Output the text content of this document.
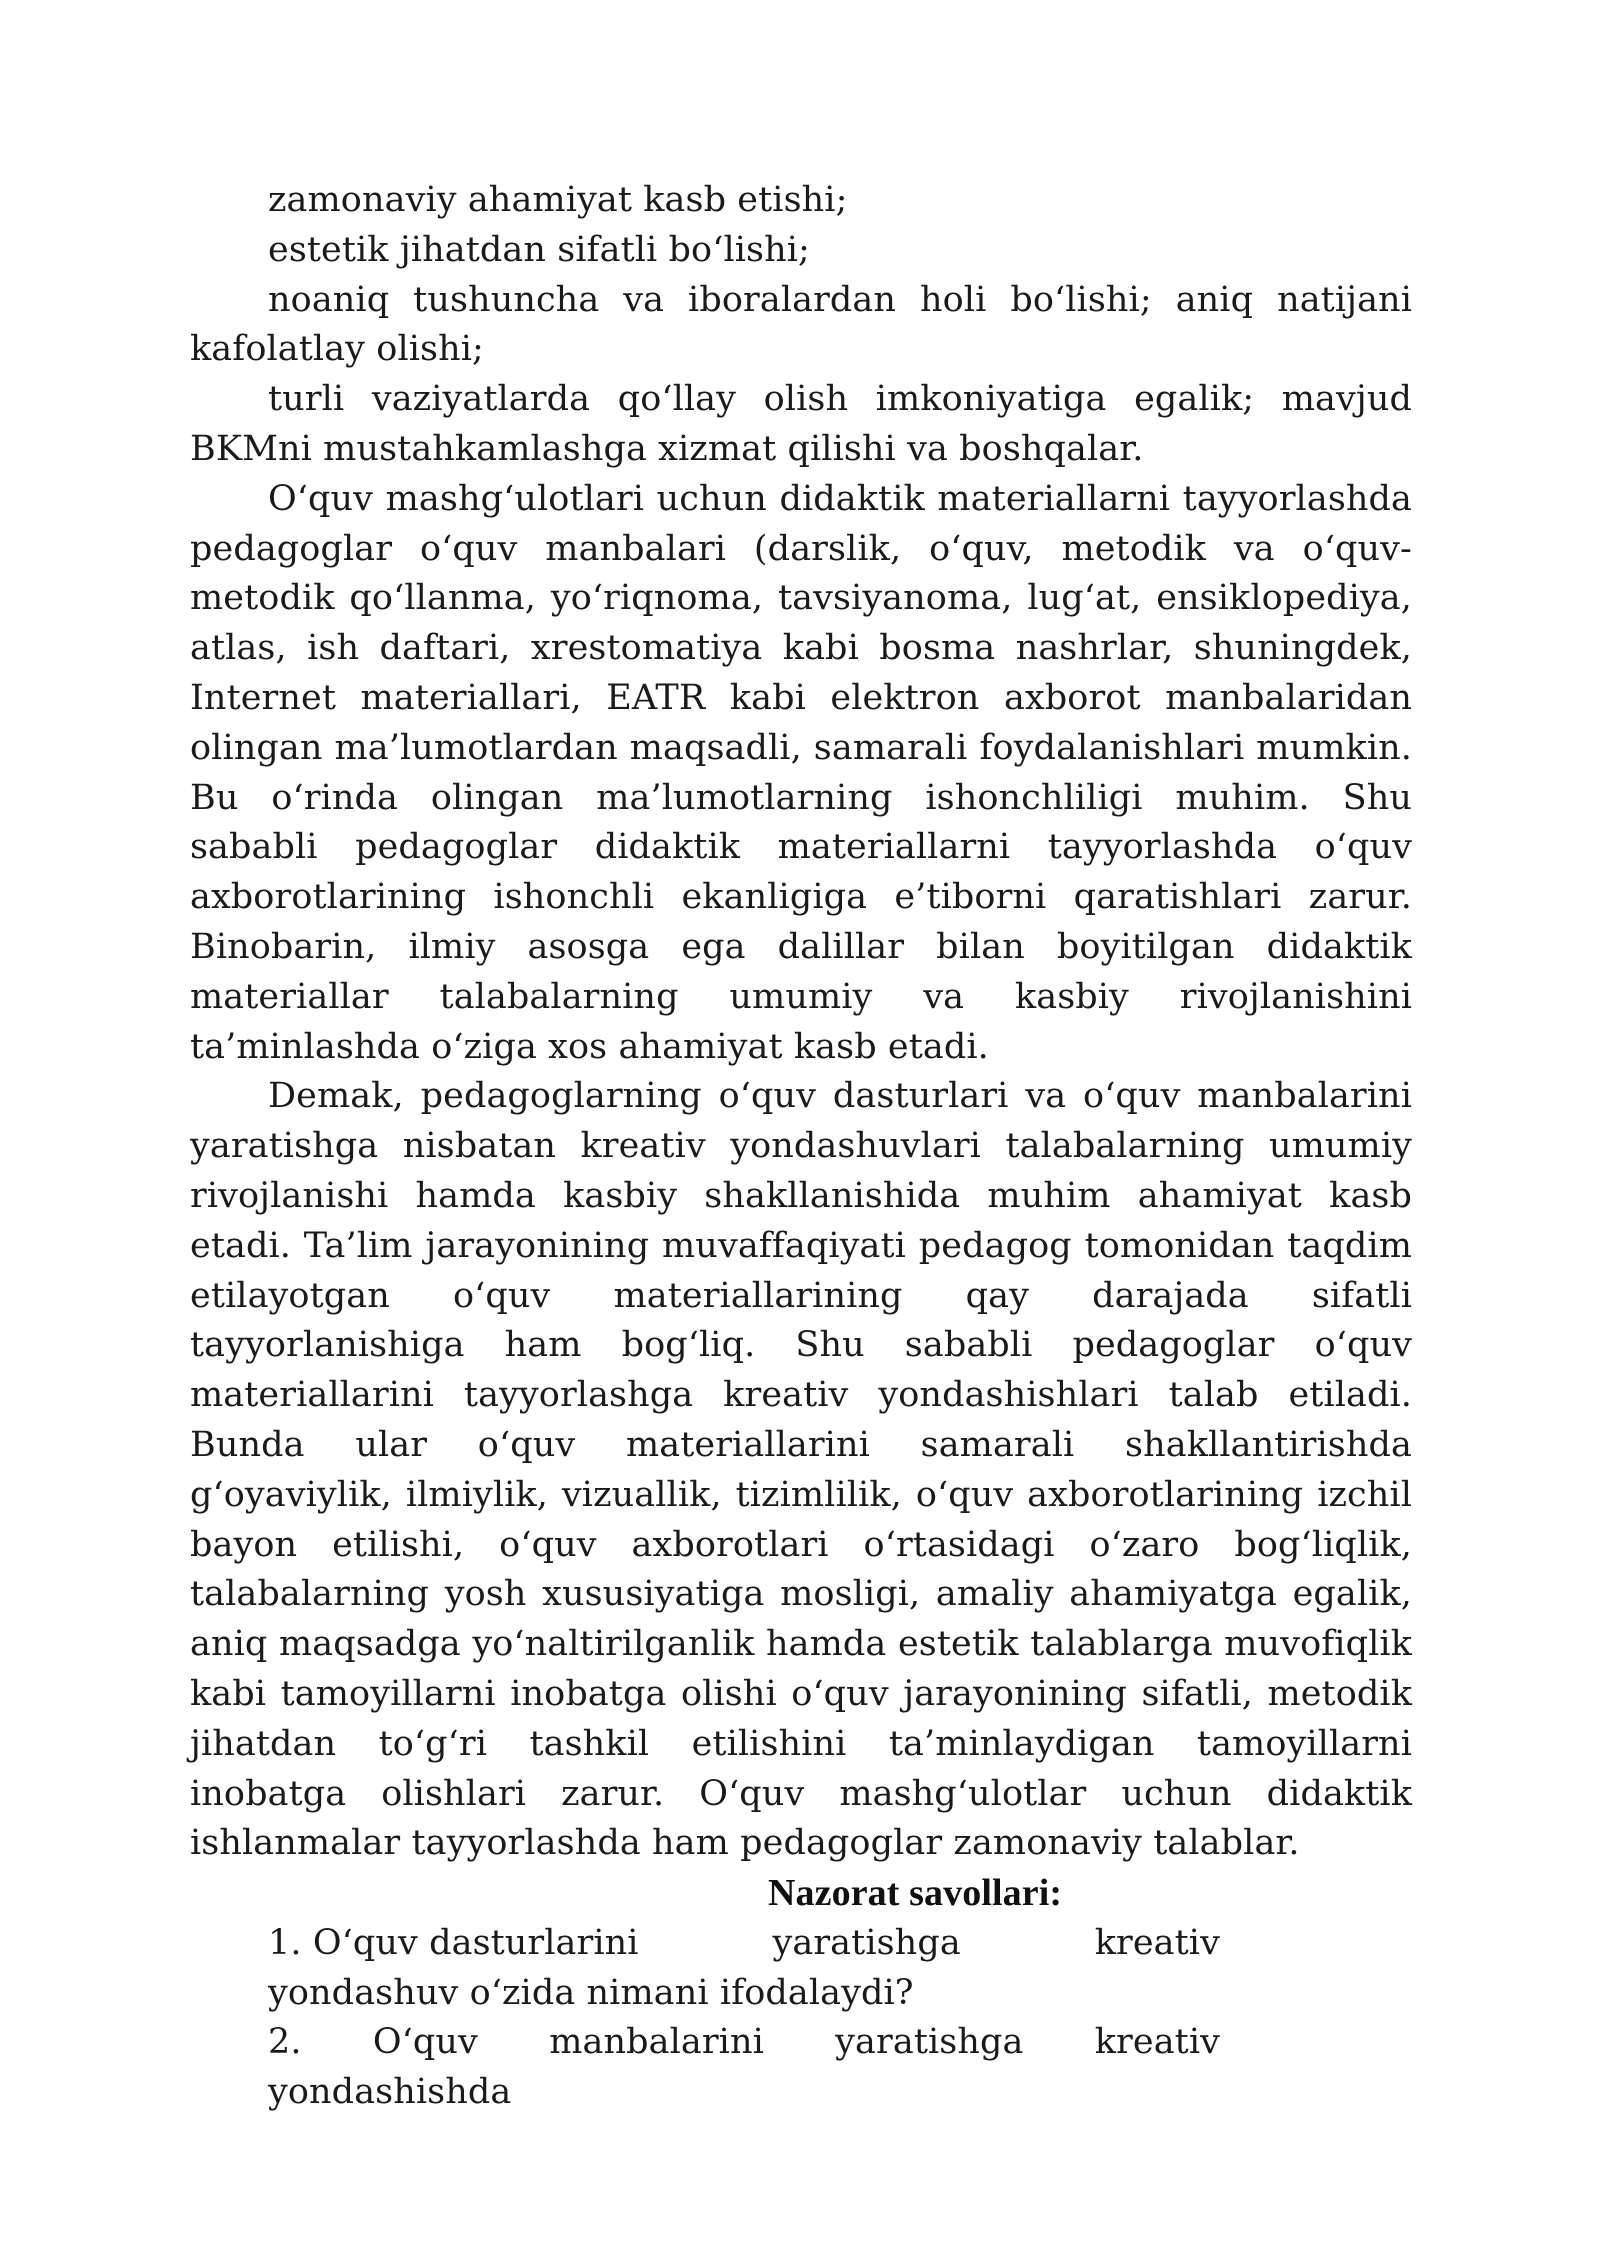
zamonaviy ahamiyat kasb etishi;

estetik jihatdan sifatli bo‘lishi;

noaniq tushuncha va iboralardan holi bo‘lishi; aniq natijani kafolatlay olishi;

turli vaziyatlarda qo‘llay olish imkoniyatiga egalik; mavjud BKMni mustahkamlashga xizmat qilishi va boshqalar.

O‘quv mashg‘ulotlari uchun didaktik materiallarni tayyorlashda pedagoglar o‘quv manbalari (darslik, o‘quv, metodik va o‘quv-metodik qo‘llanma, yo‘riqnoma, tavsiyanoma, lug‘at, ensiklopediya, atlas, ish daftari, xrestomatiya kabi bosma nashrlar, shuningdek, Internet materiallari, EATR kabi elektron axborot manbalaridan olingan ma’lumotlardan maqsadli, samarali foydalanishlari mumkin. Bu o‘rinda olingan ma’lumotlarning ishonchliligi muhim. Shu sababli pedagoglar didaktik materiallarni tayyorlashda o‘quv axborotlarining ishonchli ekanligiga e’tiborni qaratishlari zarur. Binobarin, ilmiy asosga ega dalillar bilan boyitilgan didaktik materiallar talabalarning umumiy va kasbiy rivojlanishini ta’minlashda o‘ziga xos ahamiyat kasb etadi.

Demak, pedagoglarning o‘quv dasturlari va o‘quv manbalarini yaratishga nisbatan kreativ yondashuvlari talabalarning umumiy rivojlanishi hamda kasbiy shakllanishida muhim ahamiyat kasb etadi. Ta’lim jarayonining muvaffaqiyati pedagog tomonidan taqdim etilayotgan o‘quv materiallarining qay darajada sifatli tayyorlanishiga ham bog‘liq. Shu sababli pedagoglar o‘quv materiallarini tayyorlashga kreativ yondashishlari talab etiladi. Bunda ular o‘quv materiallarini samarali shakllantirishda g‘oyaviylik, ilmiylik, vizuallik, tizimlilik, o‘quv axborotlarining izchil bayon etilishi, o‘quv axborotlari o‘rtasidagi o‘zaro bog‘liqlik, talabalarning yosh xususiyatiga mosligi, amaliy ahamiyatga egalik, aniq maqsadga yo‘naltirilganlik hamda estetik talablarga muvofiqlik kabi tamoyillarni inobatga olishi o‘quv jarayonining sifatli, metodik jihatdan to‘g‘ri tashkil etilishini ta’minlaydigan tamoyillarni inobatga olishlari zarur. O‘quv mashg‘ulotlar uchun didaktik ishlanmalar tayyorlashda ham pedagoglar zamonaviy talablar.

Nazorat savollari:
1. O‘quv dasturlarini	yaratishga	kreativ
yondashuv o‘zida nimani ifodalaydi?
2. O‘quv manbalarini yaratishga kreativ yondashishda
